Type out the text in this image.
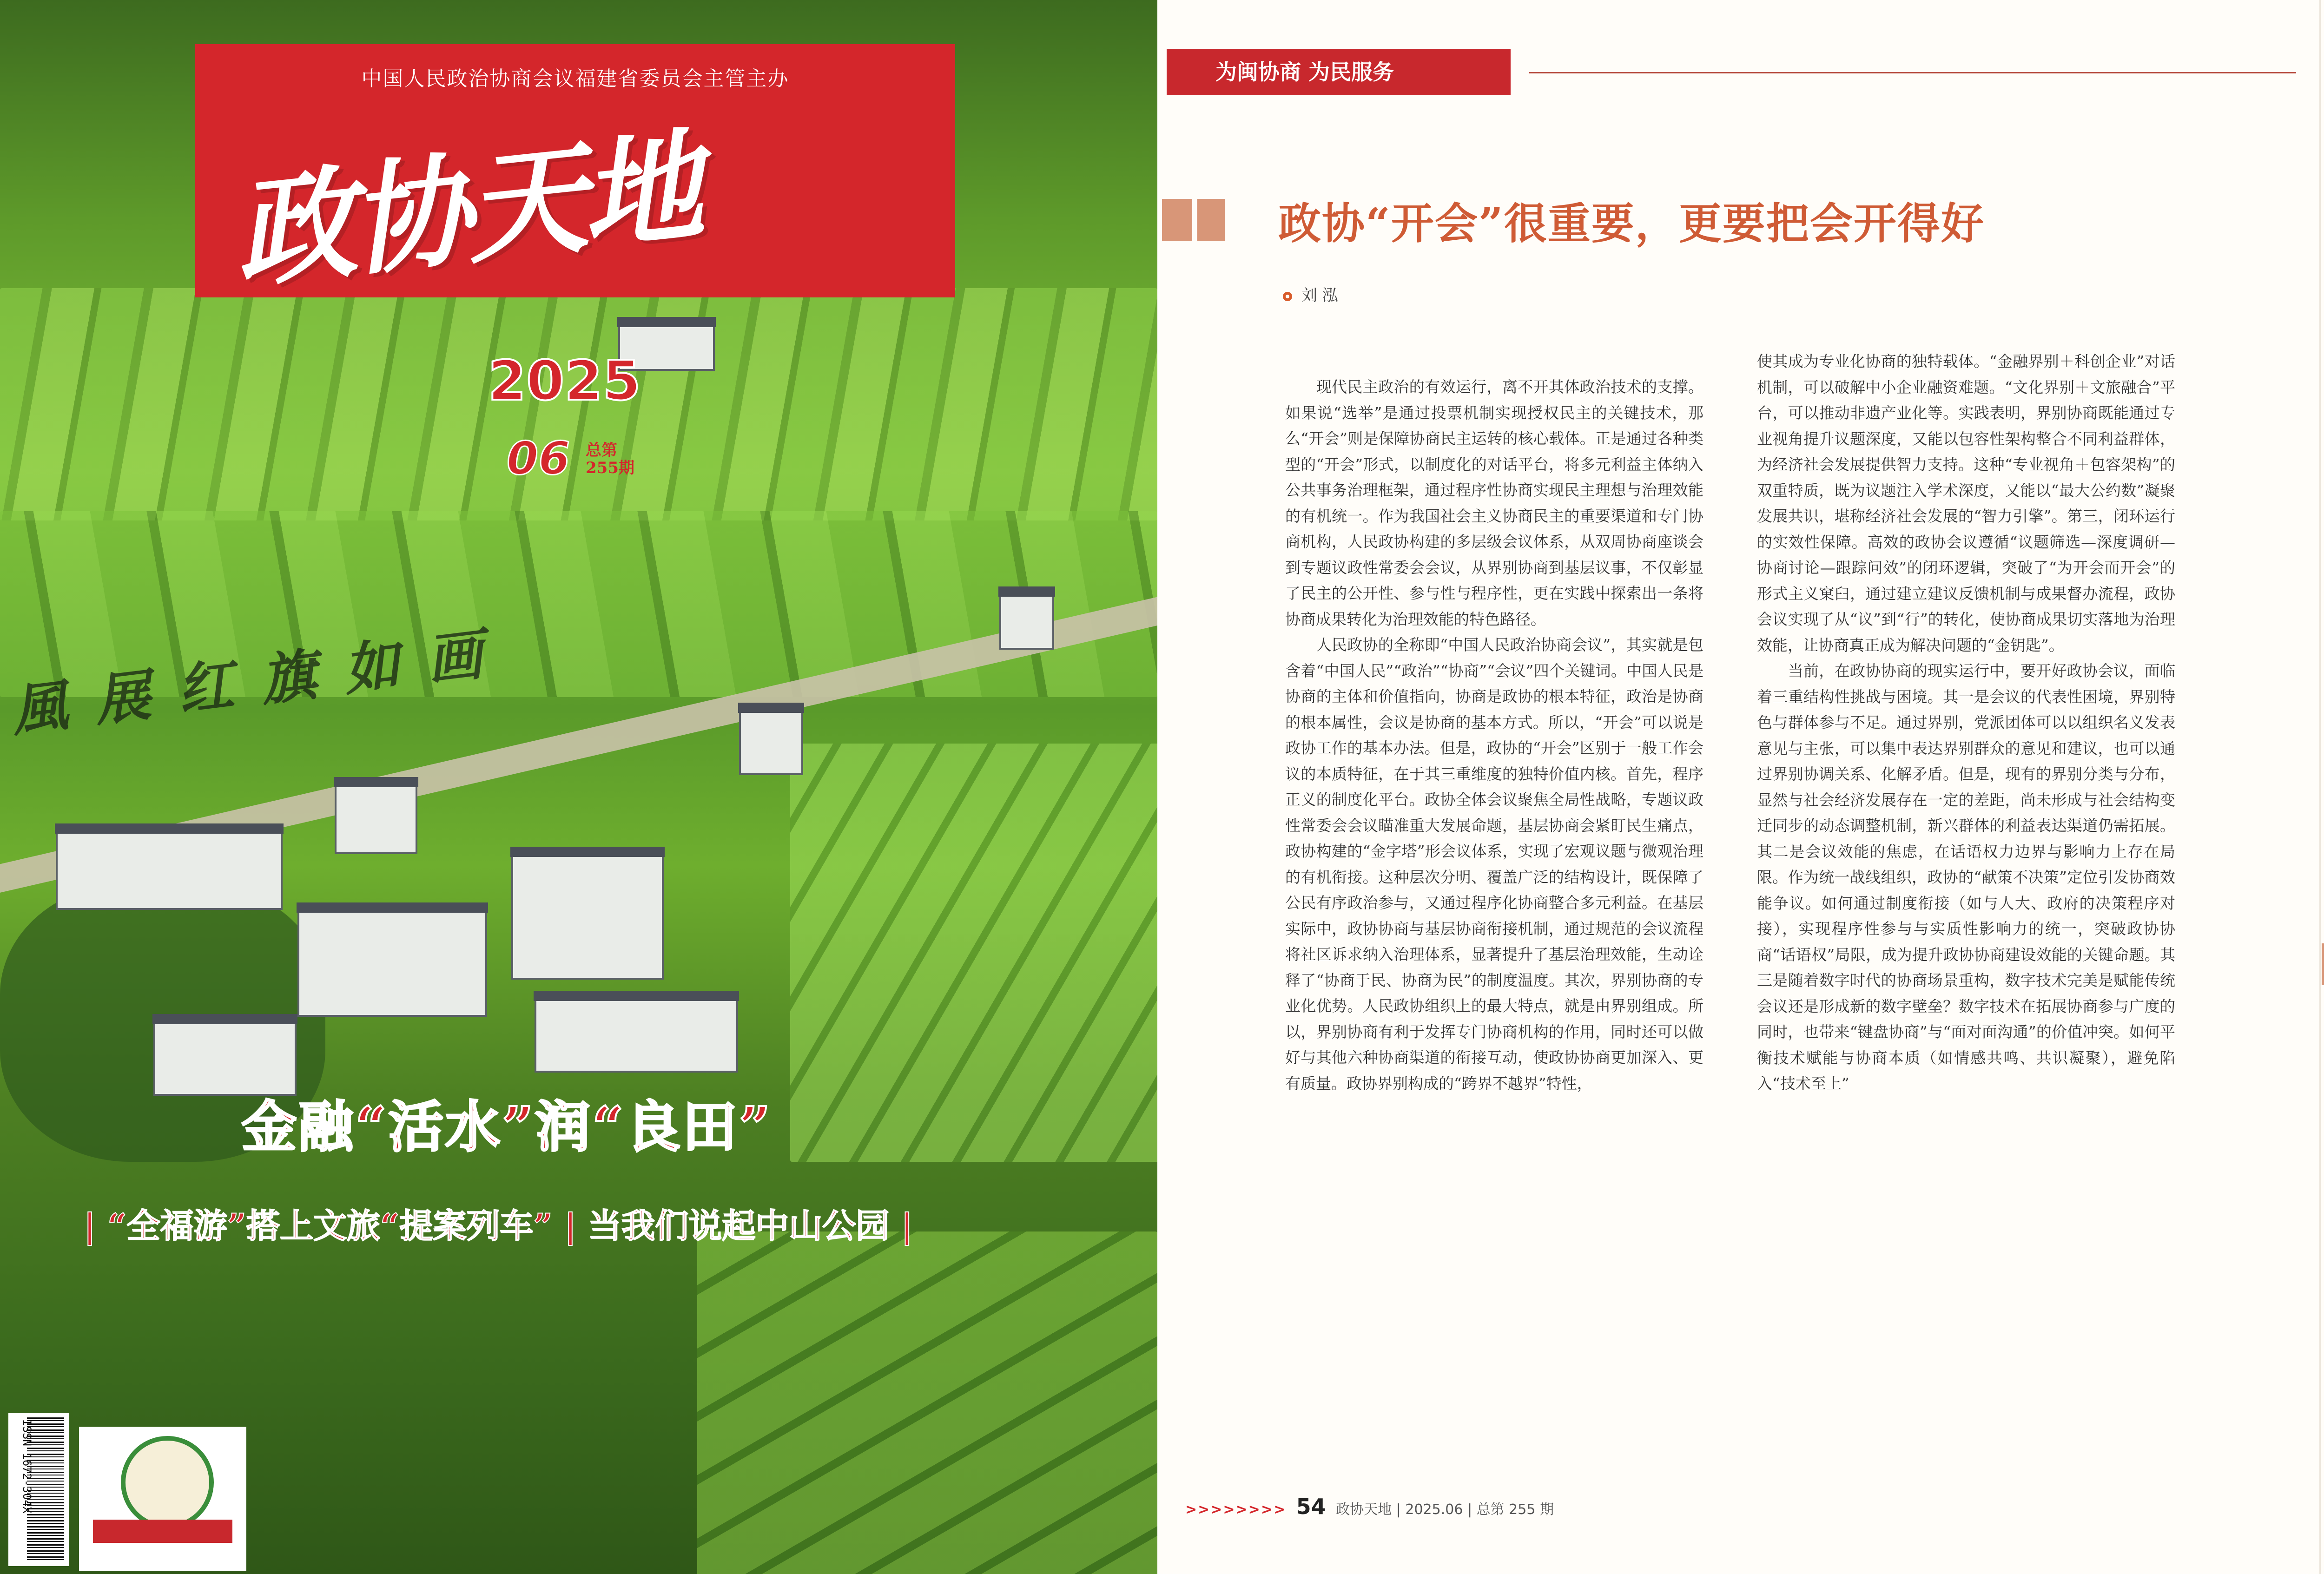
中国人民政治协商会议福建省委员会主管主办
政协天地
2025
06 总第255期
風展红旗如画
金融“活水”润“良田”
| “全福游”搭上文旅“提案列车” | 当我们说起中山公园 |
ISSN 1672-304X
为闽协商 为民服务
政协“开会”很重要，更要把会开得好
刘 泓
　　现代民主政治的有效运行，离不开其体政治技术的支撑。如果说“选举”是通过投票机制实现授权民主的关键技术，那么“开会”则是保障协商民主运转的核心载体。正是通过各种类型的“开会”形式，以制度化的对话平台，将多元利益主体纳入公共事务治理框架，通过程序性协商实现民主理想与治理效能的有机统一。作为我国社会主义协商民主的重要渠道和专门协商机构，人民政协构建的多层级会议体系，从双周协商座谈会到专题议政性常委会会议，从界别协商到基层议事，不仅彰显了民主的公开性、参与性与程序性，更在实践中探索出一条将协商成果转化为治理效能的特色路径。
　　人民政协的全称即“中国人民政治协商会议”，其实就是包含着“中国人民”“政治”“协商”“会议”四个关键词。中国人民是协商的主体和价值指向，协商是政协的根本特征，政治是协商的根本属性，会议是协商的基本方式。所以，“开会”可以说是政协工作的基本办法。但是，政协的“开会”区别于一般工作会议的本质特征，在于其三重维度的独特价值内核。首先，程序正义的制度化平台。政协全体会议聚焦全局性战略，专题议政性常委会会议瞄准重大发展命题，基层协商会紧盯民生痛点，政协构建的“金字塔”形会议体系，实现了宏观议题与微观治理的有机衔接。这种层次分明、覆盖广泛的结构设计，既保障了公民有序政治参与，又通过程序化协商整合多元利益。在基层实际中，政协协商与基层协商衔接机制，通过规范的会议流程将社区诉求纳入治理体系，显著提升了基层治理效能，生动诠释了“协商于民、协商为民”的制度温度。其次，界别协商的专业化优势。人民政协组织上的最大特点，就是由界别组成。所以，界别协商有利于发挥专门协商机构的作用，同时还可以做好与其他六种协商渠道的衔接互动，使政协协商更加深入、更有质量。政协界别构成的“跨界不越界”特性，
使其成为专业化协商的独特载体。“金融界别＋科创企业”对话机制，可以破解中小企业融资难题。“文化界别＋文旅融合”平台，可以推动非遗产业化等。实践表明，界别协商既能通过专业视角提升议题深度，又能以包容性架构整合不同利益群体，为经济社会发展提供智力支持。这种“专业视角＋包容架构”的双重特质，既为议题注入学术深度，又能以“最大公约数”凝聚发展共识，堪称经济社会发展的“智力引擎”。第三，闭环运行的实效性保障。高效的政协会议遵循“议题筛选—深度调研—协商讨论—跟踪问效”的闭环逻辑，突破了“为开会而开会”的形式主义窠臼，通过建立建议反馈机制与成果督办流程，政协会议实现了从“议”到“行”的转化，使协商成果切实落地为治理效能，让协商真正成为解决问题的“金钥匙”。
　　当前，在政协协商的现实运行中，要开好政协会议，面临着三重结构性挑战与困境。其一是会议的代表性困境，界别特色与群体参与不足。通过界别，党派团体可以以组织名义发表意见与主张，可以集中表达界别群众的意见和建议，也可以通过界别协调关系、化解矛盾。但是，现有的界别分类与分布，显然与社会经济发展存在一定的差距，尚未形成与社会结构变迁同步的动态调整机制，新兴群体的利益表达渠道仍需拓展。其二是会议效能的焦虑，在话语权力边界与影响力上存在局限。作为统一战线组织，政协的“献策不决策”定位引发协商效能争议。如何通过制度衔接（如与人大、政府的决策程序对接），实现程序性参与与实质性影响力的统一，突破政协协商“话语权”局限，成为提升政协协商建设效能的关键命题。其三是随着数字时代的协商场景重构，数字技术完美是赋能传统会议还是形成新的数字壁垒？数字技术在拓展协商参与广度的同时，也带来“键盘协商”与“面对面沟通”的价值冲突。如何平衡技术赋能与协商本质（如情感共鸣、共识凝聚），避免陷入“技术至上”
>>>>>>>> 54 政协天地 | 2025.06 | 总第 255 期
